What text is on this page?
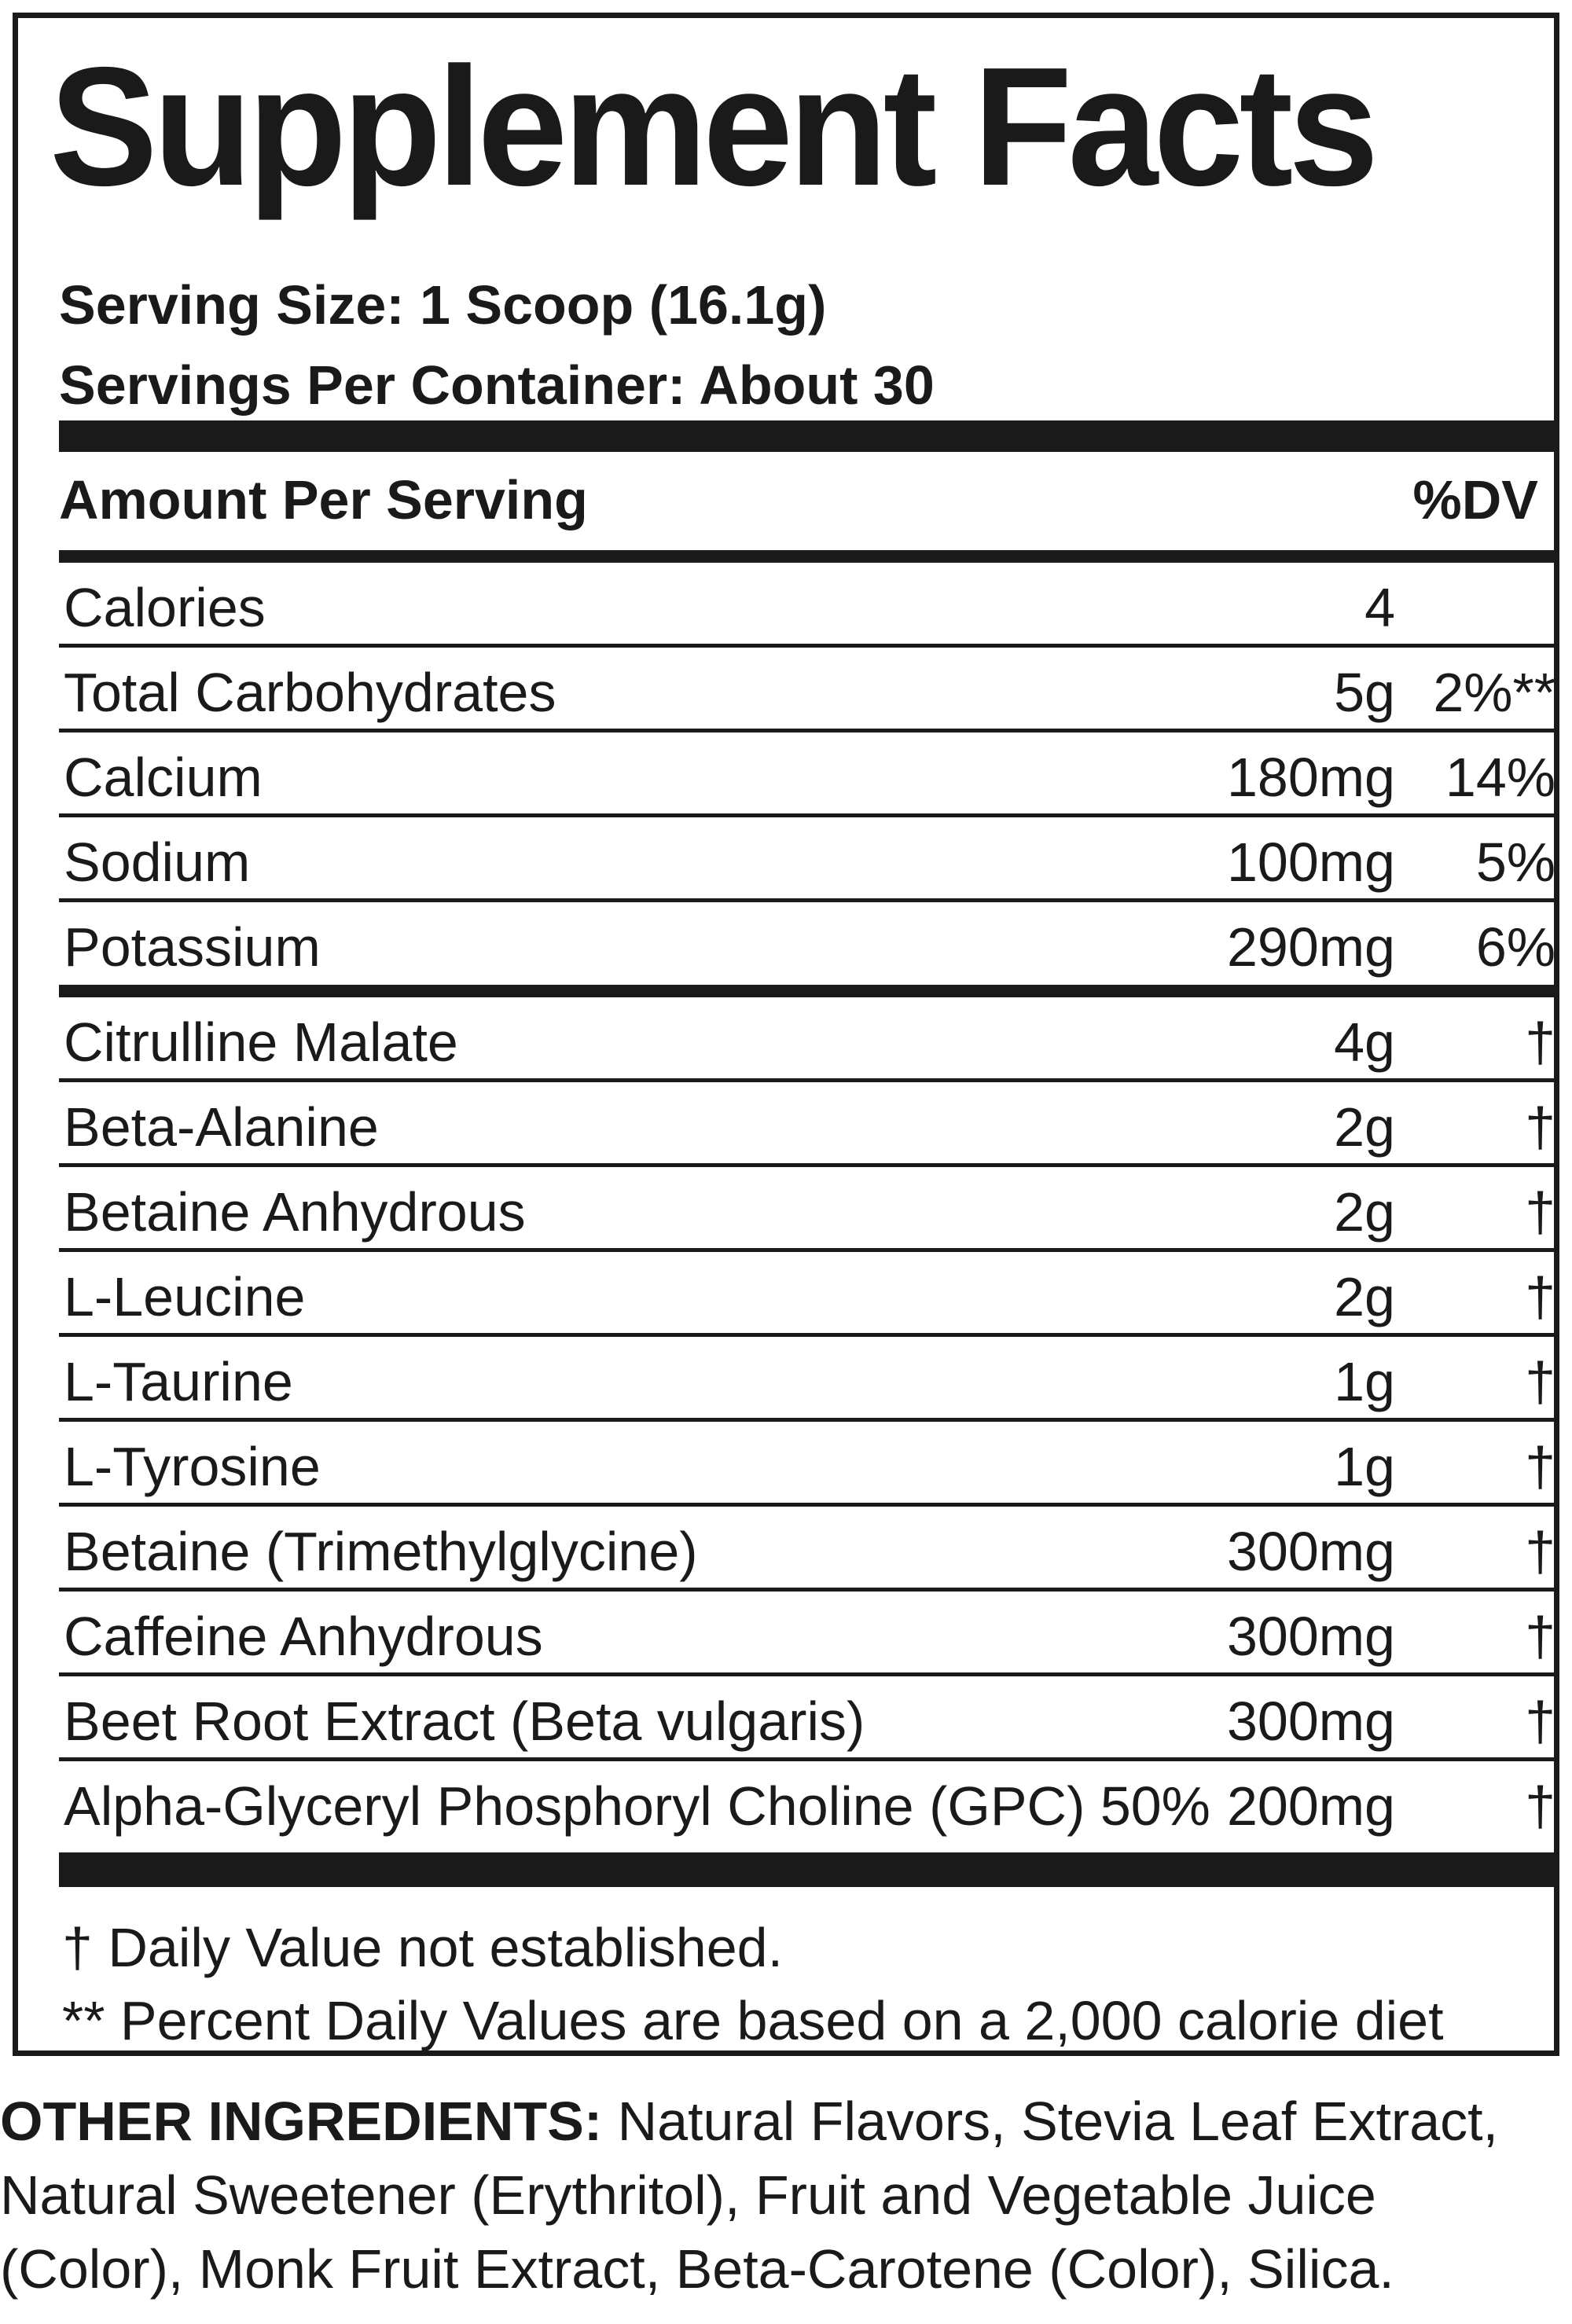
Supplement Facts
Serving Size: 1 Scoop (16.1g)
Servings Per Container: About 30
Amount Per Serving	%DV
Calories	4
Total Carbohydrates	5g 2%**
Calcium	180mg 14%
Sodium	100mg 5%
Potassium	290mg 6%
Citrulline Malate	4g †
Beta-Alanine	2g †
Betaine Anhydrous	2g †
L-Leucine	2g †
L-Taurine	1g †
L-Tyrosine	1g †
Betaine (Trimethylglycine)	300mg †
Caffeine Anhydrous	300mg †
Beet Root Extract (Beta vulgaris)	300mg †
Alpha-Glyceryl Phosphoryl Choline (GPC) 50% 200mg †
† Daily Value not established.
** Percent Daily Values are based on a 2,000 calorie diet
OTHER INGREDIENTS: Natural Flavors, Stevia Leaf Extract, Natural Sweetener (Erythritol), Fruit and Vegetable Juice (Color), Monk Fruit Extract, Beta-Carotene (Color), Silica.
